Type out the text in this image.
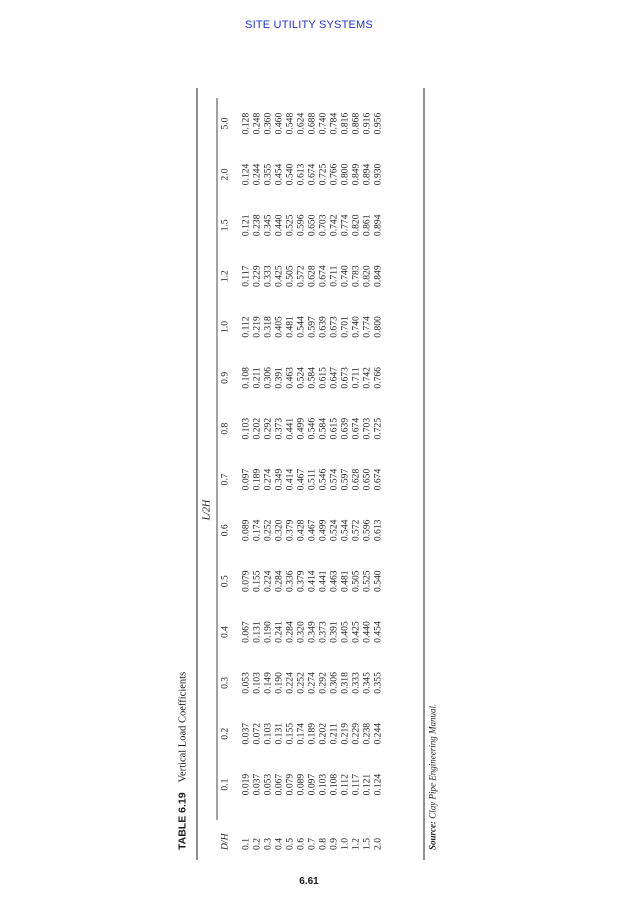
SITE UTILITY SYSTEMS
TABLE 6.19Vertical Load Coefficients
L/2H
D/H	0.1	0.2	0.3	0.4	0.5	0.6	0.7	0.8	0.9	1.0	1.2	1.5	2.0	5.0
0.1	0.019	0.037	0.053	0.067	0.079	0.089	0.097	0.103	0.108	0.112	0.117	0.121	0.124	0.128
0.2	0.037	0.072	0.103	0.131	0.155	0.174	0.189	0.202	0.211	0.219	0.229	0.238	0.244	0.248
0.3	0.053	0.103	0.149	0.190	0.224	0.252	0.274	0.292	0.306	0.318	0.333	0.345	0.355	0.360
0.4	0.067	0.131	0.190	0.241	0.284	0.320	0.349	0.373	0.391	0.405	0.425	0.440	0.454	0.460
0.5	0.079	0.155	0.224	0.284	0.336	0.379	0.414	0.441	0.463	0.481	0.505	0.525	0.540	0.548
0.6	0.089	0.174	0.252	0.320	0.379	0.428	0.467	0.499	0.524	0.544	0.572	0.596	0.613	0.624
0.7	0.097	0.189	0.274	0.349	0.414	0.467	0.511	0.546	0.584	0.597	0.628	0.650	0.674	0.688
0.8	0.103	0.202	0.292	0.373	0.441	0.499	0.546	0.584	0.615	0.639	0.674	0.703	0.725	0.740
0.9	0.108	0.211	0.306	0.391	0.463	0.524	0.574	0.615	0.647	0.673	0.711	0.742	0.766	0.784
1.0	0.112	0.219	0.318	0.405	0.481	0.544	0.597	0.639	0.673	0.701	0.740	0.774	0.800	0.816
1.2	0.117	0.229	0.333	0.425	0.505	0.572	0.628	0.674	0.711	0.740	0.783	0.820	0.849	0.868
1.5	0.121	0.238	0.345	0.440	0.525	0.596	0.650	0.703	0.742	0.774	0.820	0.861	0.894	0.916
2.0	0.124	0.244	0.355	0.454	0.540	0.613	0.674	0.725	0.766	0.800	0.849	0.894	0.930	0.956
Source: Clay Pipe Engineering Manual.
6.61
